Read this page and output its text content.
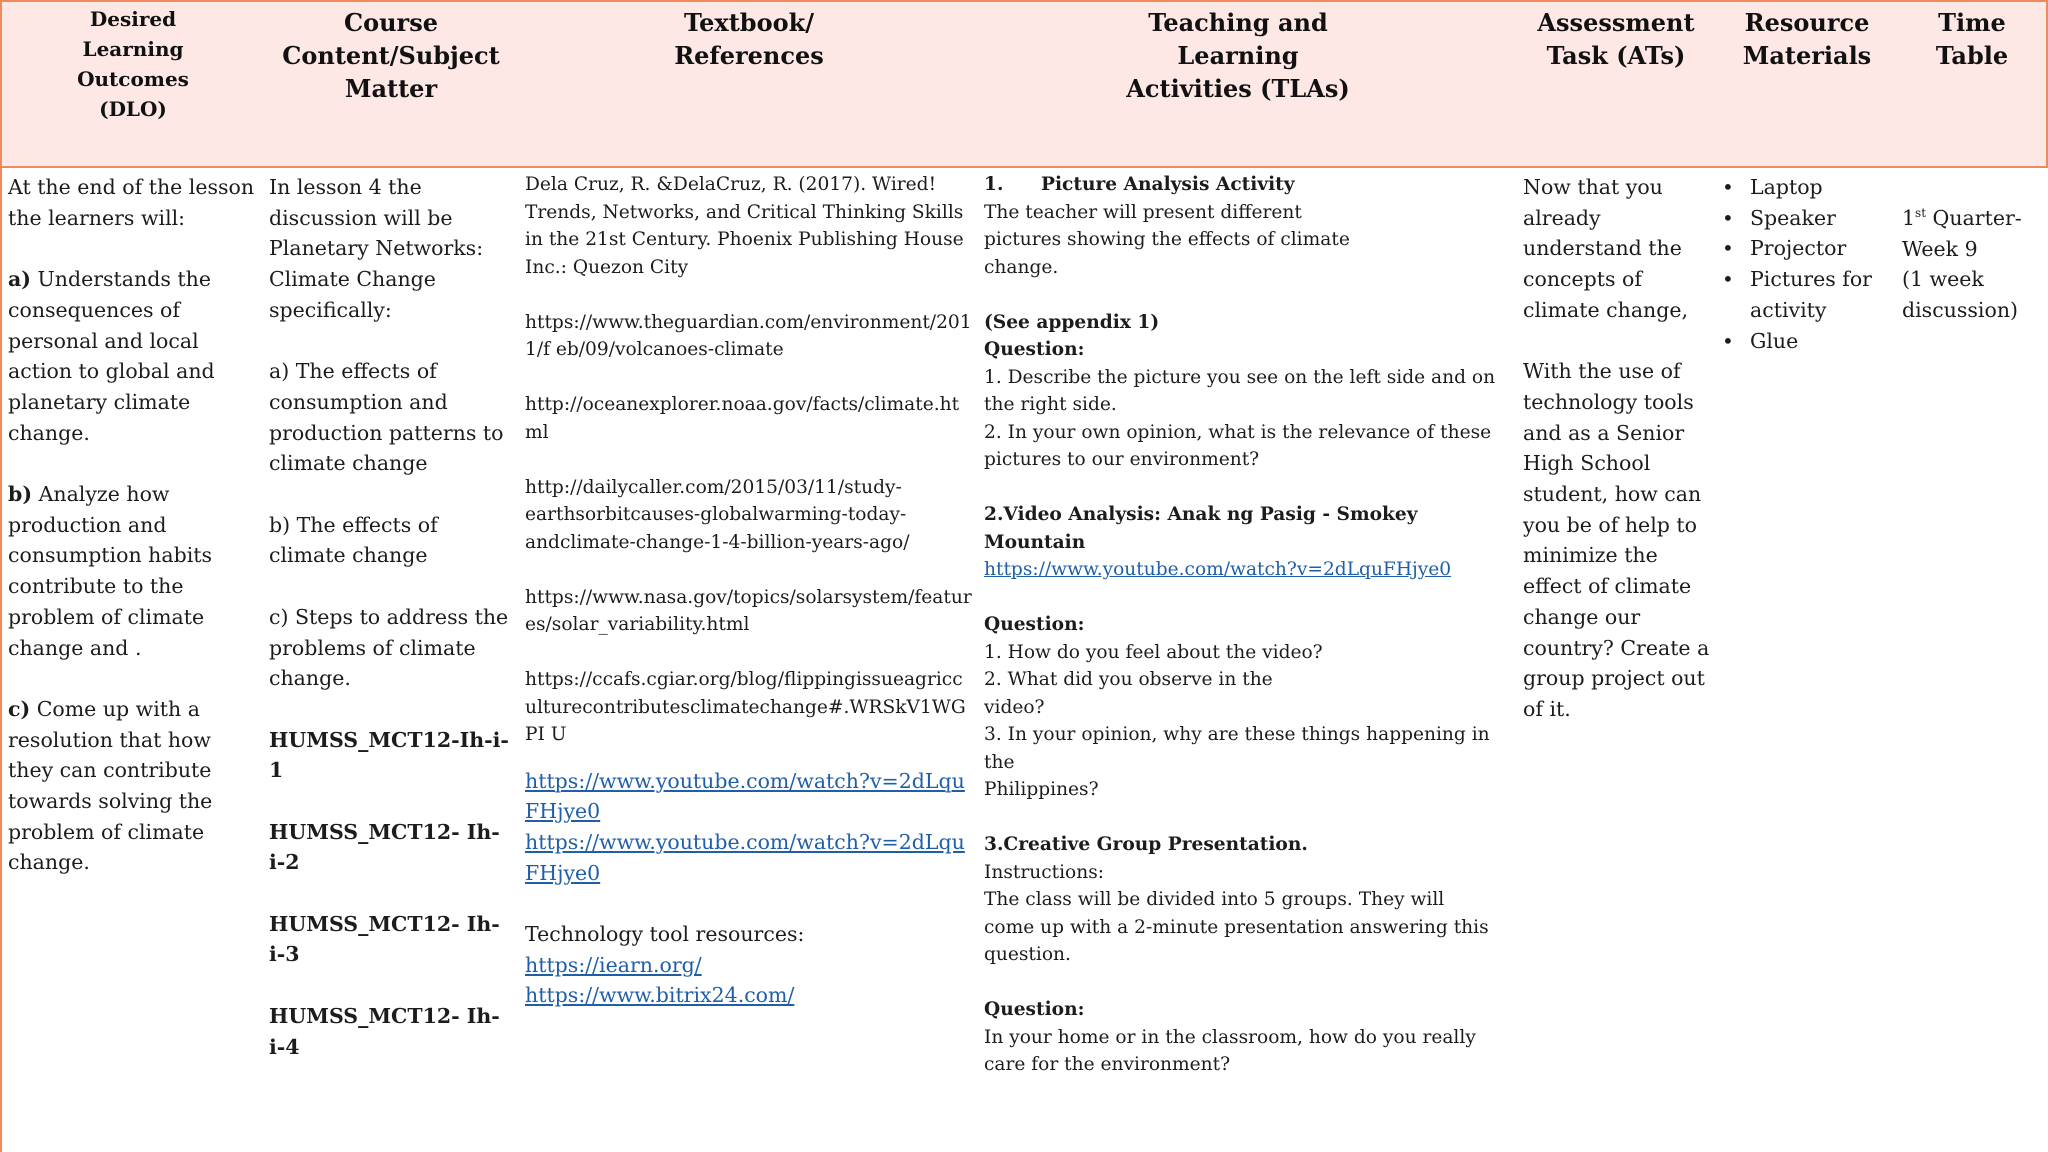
Desired
Learning
Outcomes
(DLO)
Course
Content/Subject
Matter
Textbook/
References
Teaching and
Learning
Activities (TLAs)
Assessment
Task (ATs)
Resource
Materials
Time
Table
At the end of the lesson the learners will:
a) Understands the consequences of personal and local action to global and planetary climate change.
b) Analyze how production and consumption habits contribute to the problem of climate change and .
c) Come up with a resolution that how they can contribute towards solving the problem of climate change.
In lesson 4 the discussion will be Planetary Networks: Climate Change specifically:
a) The effects of consumption and production patterns to climate change
b) The effects of climate change
c) Steps to address the problems of climate change.
HUMSS_MCT12-Ih-i-1
HUMSS_MCT12- Ih-i-2
HUMSS_MCT12- Ih-i-3
HUMSS_MCT12- Ih-i-4
Dela Cruz, R. &DelaCruz, R. (2017). Wired! Trends, Networks, and Critical Thinking Skills in the 21st Century. Phoenix Publishing House Inc.: Quezon City
https://www.theguardian.com/environment/2011/f eb/09/volcanoes-climate
http://oceanexplorer.noaa.gov/facts/climate.html
http://dailycaller.com/2015/03/11/study-earthsorbitcauses-globalwarming-today-andclimate-change-1-4-billion-years-ago/
https://www.nasa.gov/topics/solarsystem/features/solar_variability.html
https://ccafs.cgiar.org/blog/flippingissueagricculturecontributesclimatechange#.WRSkV1WGPI U
https://www.youtube.com/watch?v=2dLquFHjye0
https://www.youtube.com/watch?v=2dLquFHjye0
Technology tool resources:
https://iearn.org/
https://www.bitrix24.com/
1. Picture Analysis Activity
The teacher will present different pictures showing the effects of climate change.
(See appendix 1)
Question:
1. Describe the picture you see on the left side and on the right side.
2. In your own opinion, what is the relevance of these pictures to our environment?
2.Video Analysis: Anak ng Pasig - Smokey Mountain
https://www.youtube.com/watch?v=2dLquFHjye0
Question:
1. How do you feel about the video?
2. What did you observe in the
video?
3. In your opinion, why are these things happening in the
Philippines?
3.Creative Group Presentation.
Instructions:
The class will be divided into 5 groups. They will come up with a 2-minute presentation answering this question.
Question:
In your home or in the classroom, how do you really care for the environment?
Now that you already understand the concepts of climate change,
With the use of technology tools and as a Senior High School student, how can you be of help to minimize the effect of climate change our country? Create a group project out of it.
• Laptop
• Speaker
• Projector
• Pictures for activity
• Glue
1st Quarter-
Week 9
(1 week discussion)
